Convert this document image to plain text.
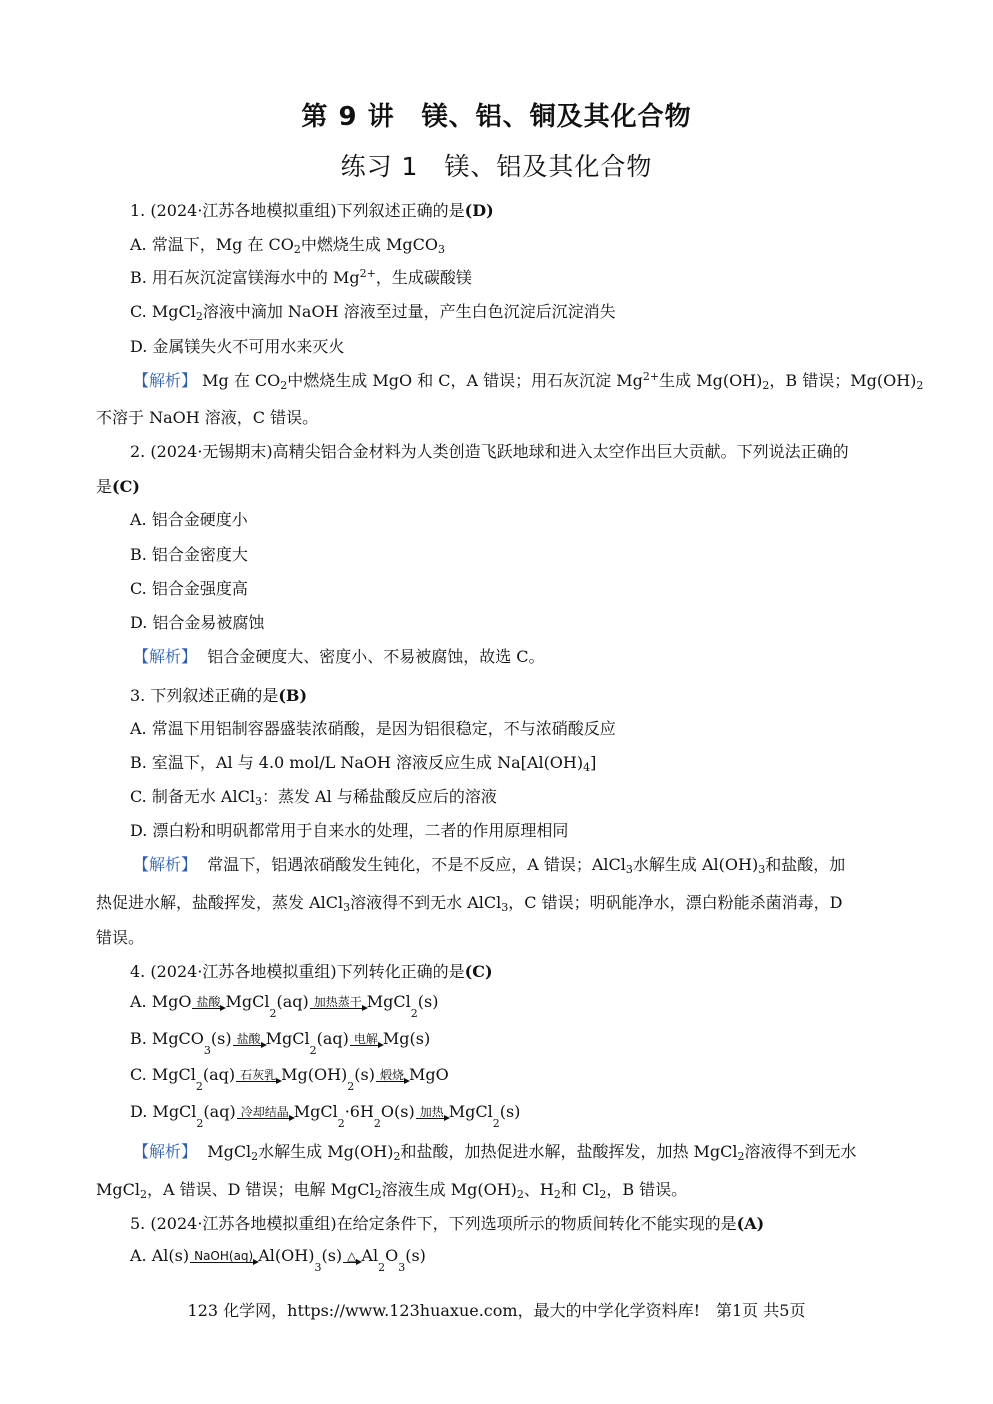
第 9 讲　镁、铝、铜及其化合物
练习 1　镁、铝及其化合物
1. (2024·江苏各地模拟重组)下列叙述正确的是(D)
A. 常温下，Mg 在 $CO_2$中燃烧生成 MgCO$_3$
B. 用石灰沉淀富镁海水中的 $Mg^{2+}$，生成碳酸镁
C. MgCl$_2$溶液中滴加 NaOH 溶液至过量，产生白色沉淀后沉淀消失
D. 金属镁失火不可用水来灭火
【解析】 Mg 在 $CO_2$中燃烧生成 MgO 和 C，A 错误；用石灰沉淀 $Mg^{2+}$生成 $Mg(OH)_2$，B 错误；$Mg(OH)_2$
不溶于 NaOH 溶液，C 错误。
2. (2024·无锡期末)高精尖铝合金材料为人类创造飞跃地球和进入太空作出巨大贡献。下列说法正确的
是(C)
A. 铝合金硬度小
B. 铝合金密度大
C. 铝合金强度高
D. 铝合金易被腐蚀
【解析】 铝合金硬度大、密度小、不易被腐蚀，故选 C。
3. 下列叙述正确的是(B)
A. 常温下用铝制容器盛装浓硝酸，是因为铝很稳定，不与浓硝酸反应
B. 室温下，Al 与 4.0 mol/L NaOH 溶液反应生成 $Na[Al(OH)_4]$
C. 制备无水 AlCl$_3$：蒸发 Al 与稀盐酸反应后的溶液
D. 漂白粉和明矾都常用于自来水的处理，二者的作用原理相同
【解析】 常温下，铝遇浓硝酸发生钝化，不是不反应，A 错误；AlCl$_3$水解生成 $Al(OH)_3$和盐酸，加
热促进水解，盐酸挥发，蒸发 AlCl$_3$溶液得不到无水 AlCl$_3$，C 错误；明矾能净水，漂白粉能杀菌消毒，D
错误。
4. (2024·江苏各地模拟重组)下列转化正确的是(C)
A. MgO 盐酸 MgCl
2
(aq) 加热蒸干 MgCl
2
(s)
B. MgCO
3
(s) 盐酸 MgCl
2
(aq) 电解 Mg(s)
C. MgCl
2
(aq) 石灰乳 Mg(OH)
2
(s) 煅烧 MgO
D. MgCl
2
(aq) 冷却结晶 MgCl
2
·6H
2
O(s) 加热 MgCl
2
(s)
【解析】 MgCl$_2$水解生成 $Mg(OH)_2$和盐酸，加热促进水解，盐酸挥发，加热 MgCl$_2$溶液得不到无水
MgCl$_2$，A 错误、D 错误；电解 MgCl$_2$溶液生成 $Mg(OH)_2$、$H_2$和 $Cl_2$，B 错误。
5. (2024·江苏各地模拟重组)在给定条件下，下列选项所示的物质间转化不能实现的是(A)
A. Al(s) NaOH(aq) Al(OH)
3
(s) △ Al
2
O
3
(s)
123 化学网，https://www.123huaxue.com，最大的中学化学资料库!　第1页 共5页
